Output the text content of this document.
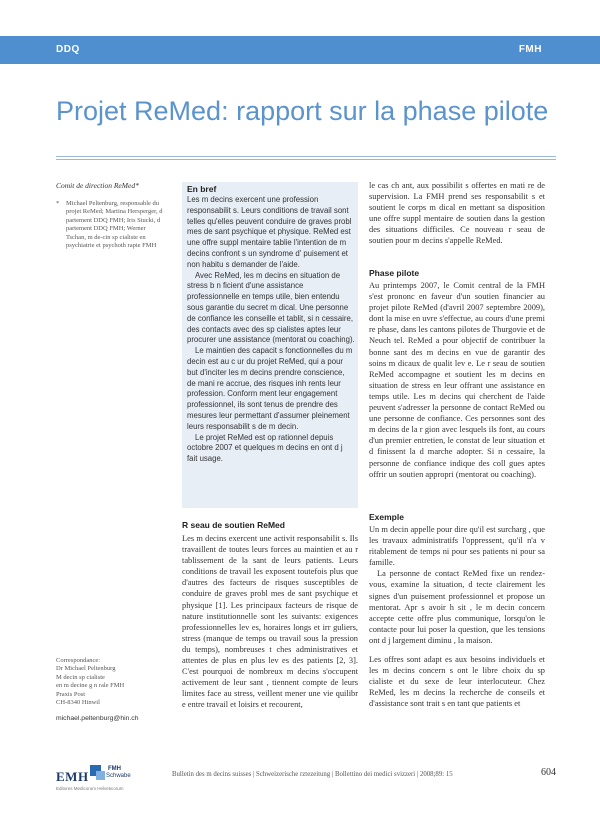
DDQ	FMH
Projet ReMed: rapport sur la phase pilote
Comit de direction ReMed*
*	Michael Peltenburg, responsable du projet ReMed; Martina Hersperger, d partement DDQ FMH; Iris Stucki, d partement DDQ FMH; Werner Tschan, m de-cin sp cialiste en psychiatrie et psychoth rapie FMH
Correspondance:
Dr Michael Peltenburg
M decin sp cialiste
en m decine g n rale FMH
Praxis Post
CH-8340 Hinwil
michael.peltenburg@hin.ch
En bref

Les m decins exercent une profession responsabilit s. Leurs conditions de travail sont telles qu'elles peuvent conduire de graves probl mes de sant psychique et physique. ReMed est une offre suppl mentaire tablie l'intention de m decins confront s un syndrome d' puisement et non habitu s demander de l'aide.

Avec ReMed, les m decins en situation de stress b n ficient d'une assistance professionnelle en temps utile, bien entendu sous garantie du secret m dical. Une personne de confiance les conseille et tablit, si n cessaire, des contacts avec des sp cialistes aptes leur procurer une assistance (mentorat ou coaching).

Le maintien des capacit s fonctionnelles du m decin est au c ur du projet ReMed, qui a pour but d'inciter les m decins prendre conscience, de mani re accrue, des risques inh rents leur profession. Conform ment leur engagement professionnel, ils sont tenus de prendre des mesures leur permettant d'assumer pleinement leurs responsabilit s de m decin.

Le projet ReMed est op rationnel depuis octobre 2007 et quelques m decins en ont d j fait usage.

R seau de soutien ReMed

Les m decins exercent une activit responsabilit s. Ils travaillent de toutes leurs forces au maintien et au r tablissement de la sant de leurs patients. Leurs conditions de travail les exposent toutefois plus que d'autres des facteurs de risques susceptibles de conduire de graves probl mes de sant psychique et physique [1]. Les principaux facteurs de risque de nature institutionnelle sont les suivants: exigences professionnelles lev es, horaires longs et irr guliers, stress (manque de temps ou travail sous la pression du temps), nombreuses t ches administratives et attentes de plus en plus lev es des patients [2, 3]. C'est pourquoi de nombreux m decins s'occupent activement de leur sant , tiennent compte de leurs limites face au stress, veillent mener une vie quilibr e entre travail et loisirs et recourent,

le cas ch ant, aux possibilit s offertes en mati re de supervision. La FMH prend ses responsabilit s et soutient le corps m dical en mettant sa disposition une offre suppl mentaire de soutien dans la gestion des situations difficiles. Ce nouveau r seau de soutien pour m decins s'appelle ReMed.

Phase pilote

Au printemps 2007, le Comit central de la FMH s'est prononc en faveur d'un soutien financier au projet pilote ReMed (d'avril 2007 septembre 2009), dont la mise en uvre s'effectue, au cours d'une premi re phase, dans les cantons pilotes de Thurgovie et de Neuch tel. ReMed a pour objectif de contribuer la bonne sant des m decins en vue de garantir des soins m dicaux de qualit lev e. Le r seau de soutien ReMed accompagne et soutient les m decins en situation de stress en leur offrant une assistance en temps utile. Les m decins qui cherchent de l'aide peuvent s'adresser la personne de contact ReMed ou une personne de confiance. Ces personnes sont des m decins de la r gion avec lesquels ils font, au cours d'un premier entretien, le constat de leur situation et d finissent la d marche adopter. Si n cessaire, la personne de confiance indique des coll gues aptes offrir un soutien appropri (mentorat ou coaching).

Exemple

Un m decin appelle pour dire qu'il est surcharg , que les travaux administratifs l'oppressent, qu'il n'a v ritablement de temps ni pour ses patients ni pour sa famille.

La personne de contact ReMed fixe un rendez-vous, examine la situation, d tecte clairement les signes d'un puisement professionnel et propose un mentorat. Apr s avoir h sit , le m decin concern accepte cette offre plus communique, lorsqu'on le contacte pour lui poser la question, que les tensions ont d j largement diminu , la maison.

Les offres sont adapt es aux besoins individuels et les m decins concern s ont le libre choix du sp cialiste et du sexe de leur interlocuteur. Chez ReMed, les m decins la recherche de conseils et d'assistance sont trait s en tant que patients et

EMH	FMH
Schwabe
Editores Medicorum Helveticorum
Bulletin des m decins suisses | Schweizerische rztezeitung | Bollettino dei medici svizzeri | 2008;89: 15	604
